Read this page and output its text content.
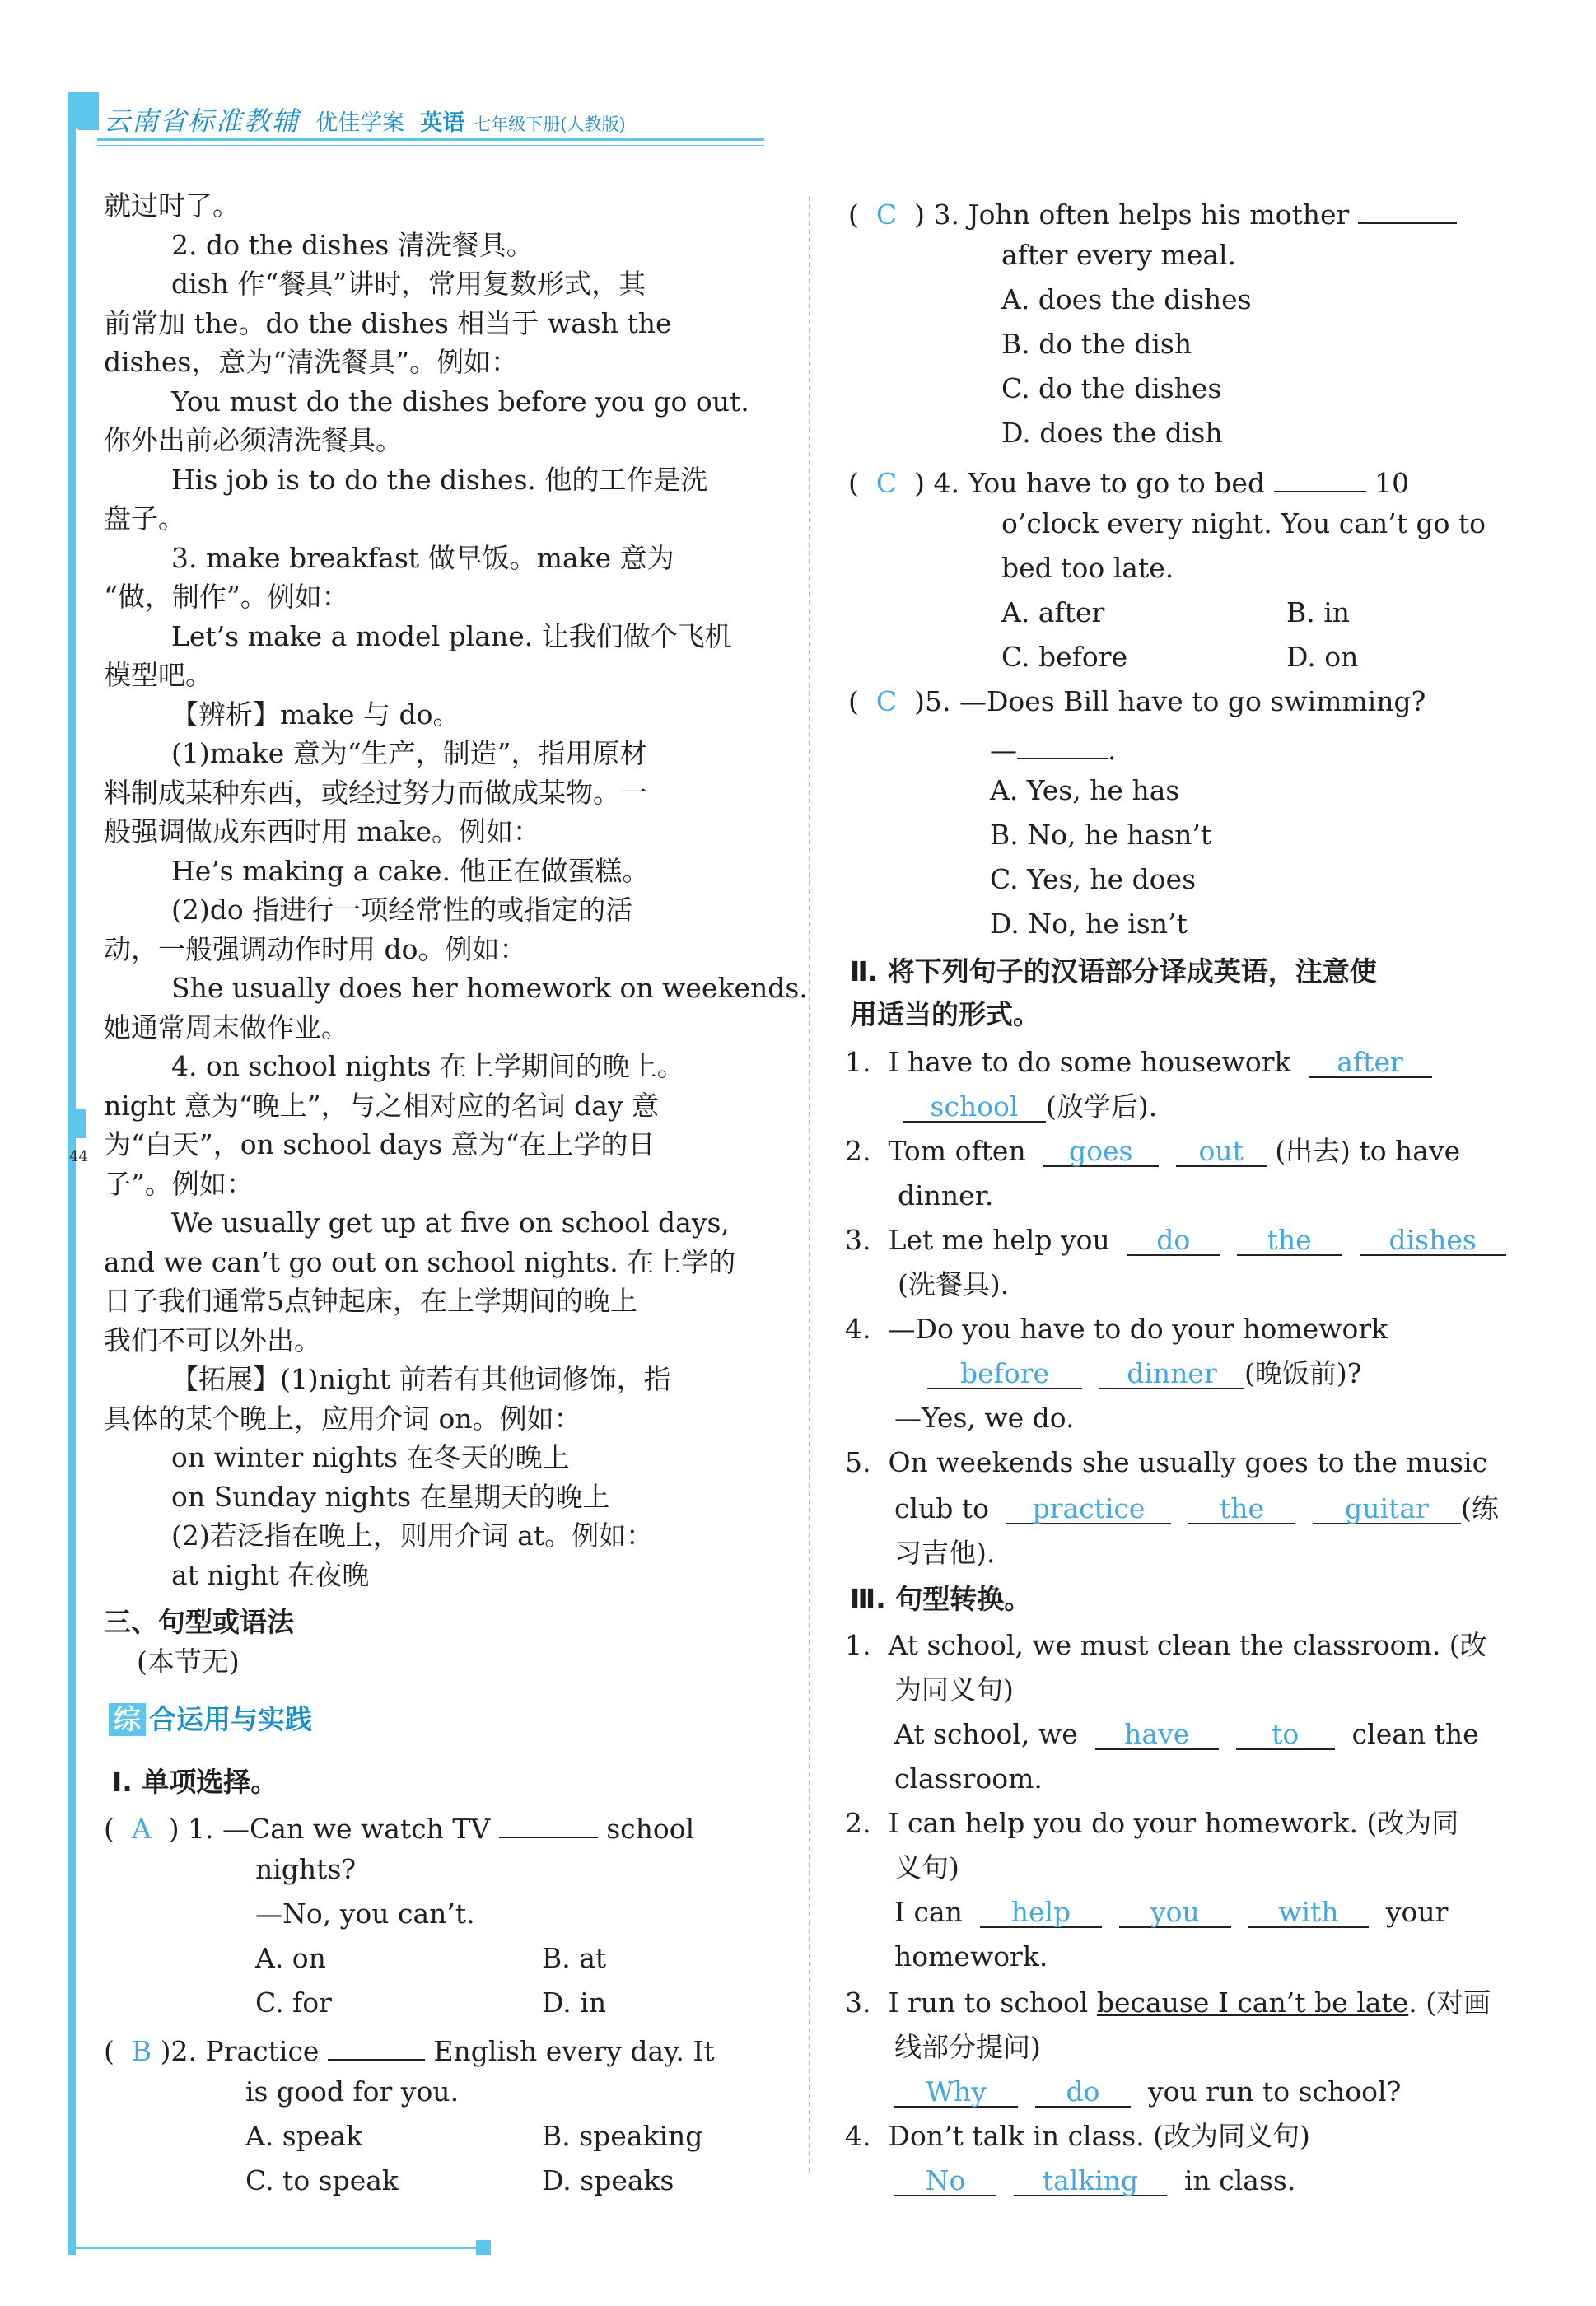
云南省标准教辅 优佳学案 英语 七年级下册(人教版)
44
就过时了。
2. do the dishes 清洗餐具。
dish 作“餐具”讲时，常用复数形式，其
前常加 the。do the dishes 相当于 wash the
dishes，意为“清洗餐具”。例如：
You must do the dishes before you go out.
你外出前必须清洗餐具。
His job is to do the dishes. 他的工作是洗
盘子。
3. make breakfast 做早饭。make 意为
“做，制作”。例如：
Let’s make a model plane. 让我们做个飞机
模型吧。
【辨析】make 与 do。
(1)make 意为“生产，制造”，指用原材
料制成某种东西，或经过努力而做成某物。一
般强调做成东西时用 make。例如：
He’s making a cake. 他正在做蛋糕。
(2)do 指进行一项经常性的或指定的活
动，一般强调动作时用 do。例如：
She usually does her homework on weekends.
她通常周末做作业。
4. on school nights 在上学期间的晚上。
night 意为“晚上”，与之相对应的名词 day 意
为“白天”，on school days 意为“在上学的日
子”。例如：
We usually get up at five on school days,
and we can’t go out on school nights. 在上学的
日子我们通常5点钟起床，在上学期间的晚上
我们不可以外出。
【拓展】(1)night 前若有其他词修饰，指
具体的某个晚上，应用介词 on。例如：
on winter nights 在冬天的晚上
on Sunday nights 在星期天的晚上
(2)若泛指在晚上，则用介词 at。例如：
at night 在夜晚
三、句型或语法
(本节无)
综 合运用与实践
Ⅰ. 单项选择。
(  A ) 1. —Can we watch TV	school
nights?
—No, you can’t.
A. on	B. at
C. for	D. in
(  B )2. Practice	English every day. It
is good for you.
A. speak	B. speaking
C. to speak	D. speaks
(  C ) 3. John often helps his mother
after every meal.
A. does the dishes
B. do the dish
C. do the dishes
D. does the dish
(  C ) 4. You have to go to bed	10
o’clock every night. You can’t go to
bed too late.
A. after	B. in
C. before	D. on
(  C )5. —Does Bill have to go swimming?
—	.
A. Yes, he has
B. No, he hasn’t
C. Yes, he does
D. No, he isn’t
Ⅱ. 将下列句子的汉语部分译成英语，注意使
用适当的形式。
1. I have to do some housework after
school (放学后).
2. Tom often goes out (出去) to have
dinner.
3. Let me help you do	the	dishes
(洗餐具).
4. —Do you have to do your homework
before	dinner (晚饭前)?
—Yes, we do.
5. On weekends she usually goes to the music
club to practice	the	guitar (练
习吉他).
Ⅲ. 句型转换。
1. At school, we must clean the classroom. (改
为同义句)
At school, we have	to clean the
classroom.
2. I can help you do your homework. (改为同
义句)
I can help	you	with your
homework.
3. I run to school because I can’t be late. (对画
线部分提问)
Why	do you run to school?
4. Don’t talk in class. (改为同义句)
No	talking in class.
